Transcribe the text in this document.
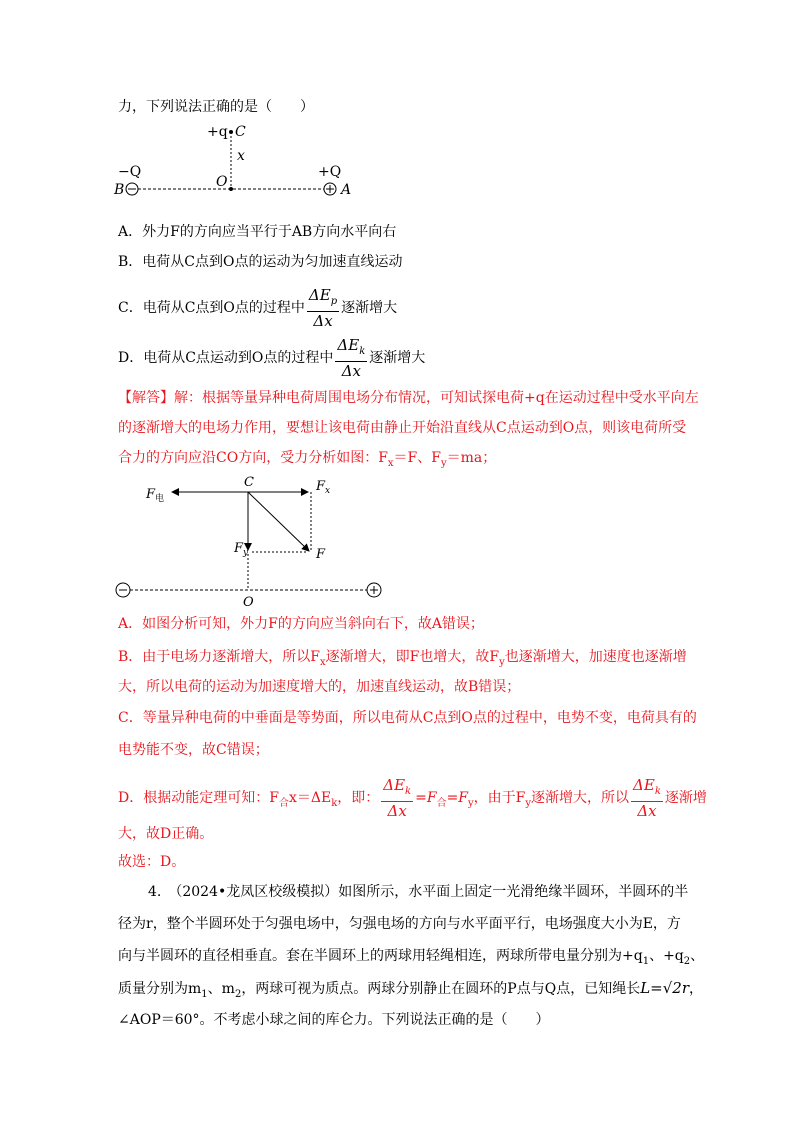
力，下列说法正确的是（　　）
+q C
x
−Q	+Q
B	O	A
A．外力F的方向应当平行于AB方向水平向右
B．电荷从C点到O点的运动为匀加速直线运动
C．电荷从C点到O点的过程中 $\frac{\Delta E_p}{\Delta x}$ 逐渐增大
D．电荷从C点运动到O点的过程中 $\frac{\Delta E_k}{\Delta x}$ 逐渐增大
【解答】解：根据等量异种电荷周围电场分布情况，可知试探电荷+q在运动过程中受水平向左
的逐渐增大的电场力作用，要想让该电荷由静止开始沿直线从C点运动到O点，则该电荷所受
合力的方向应沿CO方向，受力分析如图：$F_x=F$、$F_y=ma$；
$F_电$
C	$F_x$
$F_y$	F
O
A．如图分析可知，外力F的方向应当斜向右下，故A错误；
B．由于电场力逐渐增大，所以$F_x$逐渐增大，即F也增大，故$F_y$也逐渐增大，加速度也逐渐增
大，所以电荷的运动为加速度增大的，加速直线运动，故B错误；
C．等量异种电荷的中垂面是等势面，所以电荷从C点到O点的过程中，电势不变，电荷具有的
电势能不变，故C错误；
D．根据动能定理可知：$F_合x=\Delta E_k$，即： $\frac{\Delta E_k}{\Delta x} =F_合=F_y$，由于$F_y$逐渐增大，所以 $\frac{\Delta E_k}{\Delta x}$ 逐渐增
大，故D正确。
故选：D。
4.　（2024•龙凤区校级模拟）如图所示，水平面上固定一光滑绝缘半圆环，半圆环的半
径为r，整个半圆环处于匀强电场中，匀强电场的方向与水平面平行，电场强度大小为E，方
向与半圆环的直径相垂直。套在半圆环上的两球用轻绳相连，两球所带电量分别为$+q_1$、$+q_2$、
质量分别为$m_1$、$m_2$，两球可视为质点。两球分别静止在圆环的P点与Q点，已知绳长L=√2r，
∠AOP＝60°。不考虑小球之间的库仑力。下列说法正确的是（　　）
